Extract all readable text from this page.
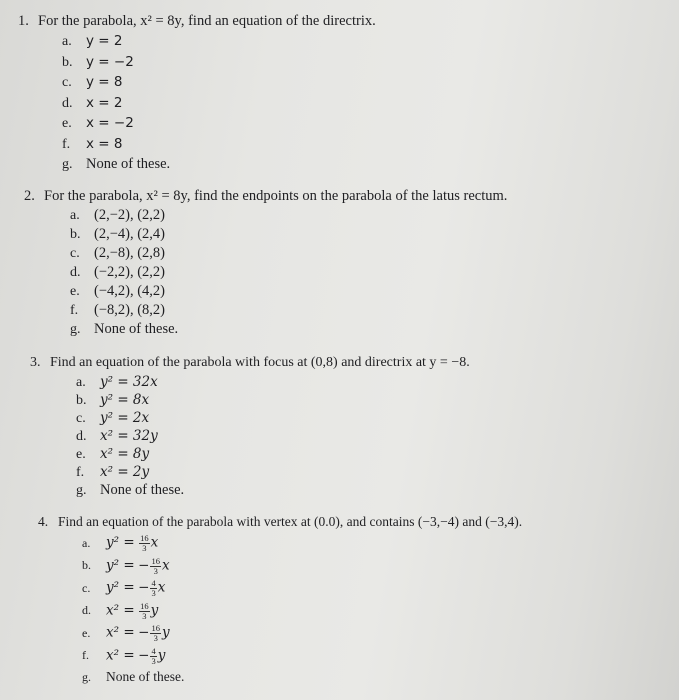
1. For the parabola, x² = 8y, find an equation of the directrix.
a. y = 2
b. y = −2
c. y = 8
d. x = 2
e. x = −2
f. x = 8
g. None of these.
2. For the parabola, x² = 8y, find the endpoints on the parabola of the latus rectum.
a. (2,−2), (2,2)
b. (2,−4), (2,4)
c. (2,−8), (2,8)
d. (−2,2), (2,2)
e. (−4,2), (4,2)
f. (−8,2), (8,2)
g. None of these.
3. Find an equation of the parabola with focus at (0,8) and directrix at y = −8.
a. y² = 32x
b. y² = 8x
c. y² = 2x
d. x² = 32y
e. x² = 8y
f. x² = 2y
g. None of these.
4. Find an equation of the parabola with vertex at (0.0), and contains (−3,−4) and (−3,4).
a. $y^2 = \frac{16}{3}$ x
b. y² = − $\frac{16}{3}$ x
c. y² = − $\frac{4}{3}$ x
d. $x^2 = \frac{16}{3}$ y
e. x² = − $\frac{16}{3}$ y
f. x² = − $\frac{4}{3}$ y
g. None of these.
